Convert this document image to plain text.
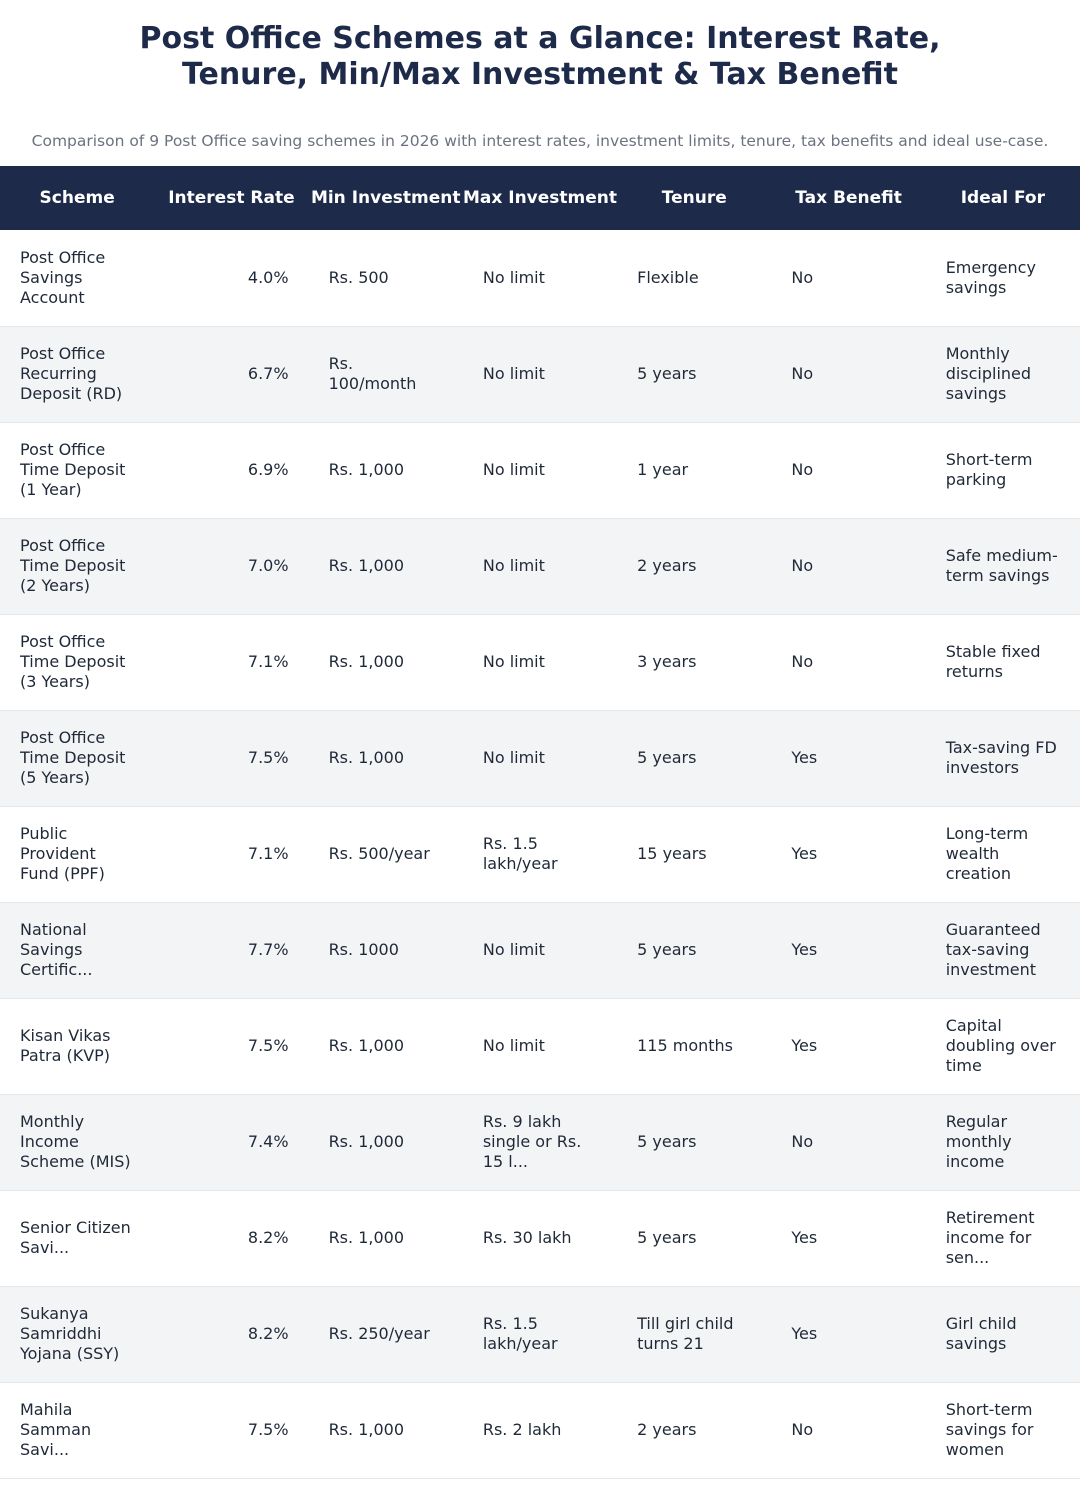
Post Office Schemes at a Glance: Interest Rate,
Tenure, Min/Max Investment & Tax Benefit
Comparison of 9 Post Office saving schemes in 2026 with interest rates, investment limits, tenure, tax benefits and ideal use-case.
Scheme	Interest Rate	Min Investment	Max Investment	Tenure	Tax Benefit	Ideal For
Post Office Savings Account	4.0%	Rs. 500	No limit	Flexible	No	Emergency savings
Post Office Recurring Deposit (RD)	6.7%	Rs. 100/month	No limit	5 years	No	Monthly disciplined savings
Post Office Time Deposit (1 Year)	6.9%	Rs. 1,000	No limit	1 year	No	Short-term parking
Post Office Time Deposit (2 Years)	7.0%	Rs. 1,000	No limit	2 years	No	Safe medium-term savings
Post Office Time Deposit (3 Years)	7.1%	Rs. 1,000	No limit	3 years	No	Stable fixed returns
Post Office Time Deposit (5 Years)	7.5%	Rs. 1,000	No limit	5 years	Yes	Tax-saving FD investors
Public Provident Fund (PPF)	7.1%	Rs. 500/year	Rs. 1.5 lakh/year	15 years	Yes	Long-term wealth creation
National Savings Certific...	7.7%	Rs. 1000	No limit	5 years	Yes	Guaranteed tax-saving investment
Kisan Vikas Patra (KVP)	7.5%	Rs. 1,000	No limit	115 months	Yes	Capital doubling over time
Monthly Income Scheme (MIS)	7.4%	Rs. 1,000	Rs. 9 lakh single or Rs. 15 l...	5 years	No	Regular monthly income
Senior Citizen Savi...	8.2%	Rs. 1,000	Rs. 30 lakh	5 years	Yes	Retirement income for sen...
Sukanya Samriddhi Yojana (SSY)	8.2%	Rs. 250/year	Rs. 1.5 lakh/year	Till girl child turns 21	Yes	Girl child savings
Mahila Samman Savi...	7.5%	Rs. 1,000	Rs. 2 lakh	2 years	No	Short-term savings for women
